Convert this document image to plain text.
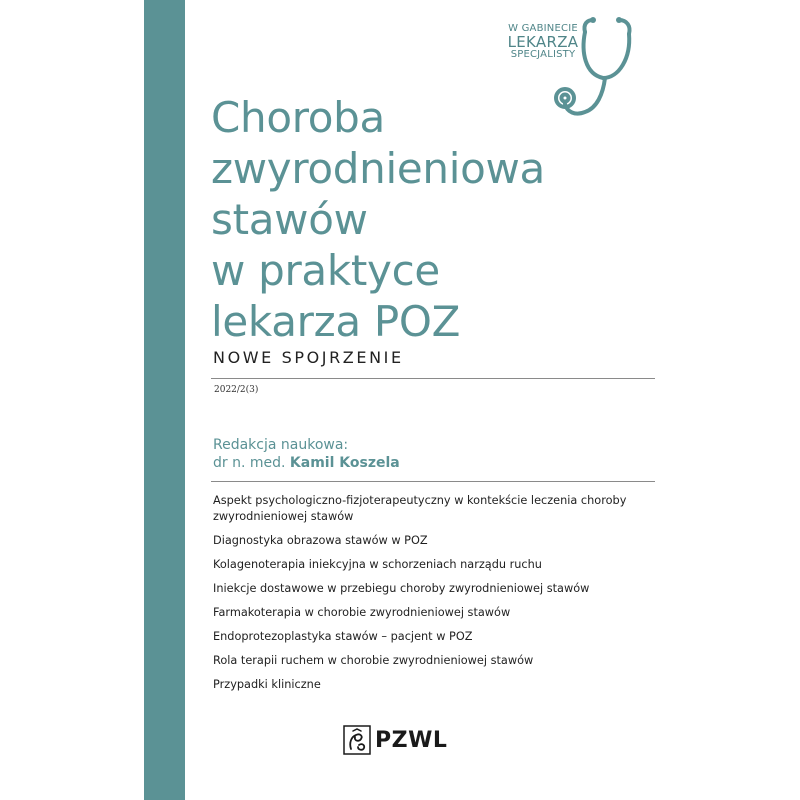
W GABINECIE
LEKARZA
SPECJALISTY
Choroba
zwyrodnieniowa
stawów
w praktyce
lekarza POZ
NOWE SPOJRZENIE
2022/2(3)
Redakcja naukowa:
dr n. med. Kamil Koszela
Aspekt psychologiczno-fizjoterapeutyczny w kontekście leczenia choroby zwyrodnieniowej stawów
Diagnostyka obrazowa stawów w POZ
Kolagenoterapia iniekcyjna w schorzeniach narządu ruchu
Iniekcje dostawowe w przebiegu choroby zwyrodnieniowej stawów
Farmakoterapia w chorobie zwyrodnieniowej stawów
Endoprotezoplastyka stawów – pacjent w POZ
Rola terapii ruchem w chorobie zwyrodnieniowej stawów
Przypadki kliniczne
PZWL
